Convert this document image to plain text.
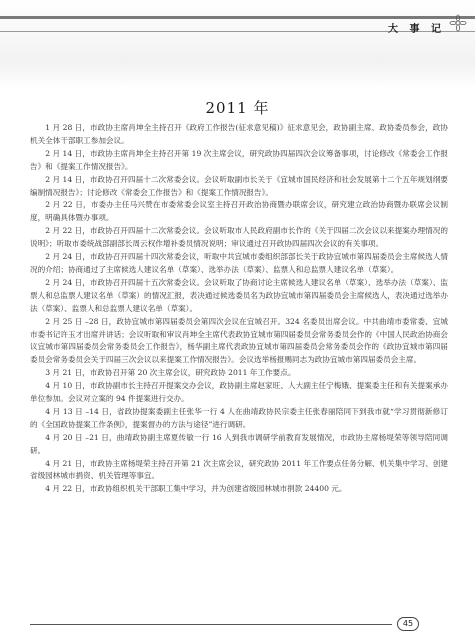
大 事 记
2011 年

1 月 28 日，市政协主席肖坤全主持召开《政府工作报告(征求意见稿)》征求意见会，政协副主席、政协委员参会，政协机关全体干部职工参加会议。

2 月 14 日，市政协主席肖坤全主持召开第 19 次主席会议，研究政协四届四次会议筹备事项，讨论修改《常委会工作报告》和《提案工作情况报告》。

2 月 14 日，市政协召开四届十二次常委会议。会议听取副市长关于《宜城市国民经济和社会发展第十二个五年规划纲要编制情况报告》；讨论修改《常委会工作报告》和《提案工作情况报告》。

2 月 22 日，市委办主任马兴赞在市委常委会议室主持召开政治协商暨办联席会议，研究建立政治协商暨办联席会议制度，明确具体暨办事项。

2 月 22 日，市政协召开四届十二次常委会议。会议听取市人民政府副市长作的《关于四届二次会议以来提案办理情况的说明》；听取市委统战部副部长周云权作增补委员情况说明；审议通过召开政协四届四次会议的有关事项。

2 月 24 日，市政协召开四届十四次常委会议，听取中共宜城市委组织部部长关于政协宜城市第四届委员会主席候选人情况的介绍；协商通过了主席候选人建议名单（草案）、选举办法（草案）、监票人和总监票人建议名单（草案）。

2 月 24 日，市政协召开四届十五次常委会议。会议听取了协商讨论主席候选人建议名单（草案）、选举办法（草案）、监票人和总监票人建议名单（草案）的情况汇报，表决通过候选委员名为政协宜城市第四届委员会主席候选人，表决通过选举办法（草案）、监票人和总监票人建议名单（草案）。

2 月 25 日 –28 日，政协宜城市第四届委员会第四次会议在宜城召开。324 名委员出席会议。中共曲靖市委常委、宜城市委书记许玉才出席并讲话；会议听取和审议肖坤全主席代表政协宜城市第四届委员会常务委员会作的《中国人民政治协商会议宜城市第四届委员会常务委员会工作报告》，杨华副主席代表政协宜城市第四届委员会常务委员会作的《政协宜城市第四届委员会常务委员会关于四届三次会议以来提案工作情况报告》。会议选举杨报赐同志为政协宜城市第四届委员会主席。

3 月 21 日，市政协召开第 20 次主席会议，研究政协 2011 年工作要点。

4 月 10 日，市政协副市长主持召开提案交办会议，政协副主席赵家旺、人大副主任宁梅娥、提案委主任和有关提案承办单位参加。会议对立案的 94 件提案进行交办。

4 月 13 日 –14 日，省政协提案委副主任张华一行 4 人在曲靖政协民宗委主任张春丽陪同下到我市就“学习贯彻新修订的《全国政协提案工作条例》，提案督办的方法与途径”进行调研。

4 月 20 日 –21 日，曲靖政协副主席夏传敏一行 16 人到我市调研学前教育发展情况，市政协主席杨堤荣等领导陪同调研。

4 月 21 日，市政协主席杨堤荣主持召开第 21 次主席会议，研究政协 2011 年工作要点任务分解、机关集中学习、创建省级园林城市捐资、机关管理等事宜。

4 月 22 日，市政协组织机关干部职工集中学习，并为创建省级园林城市捐款 24400 元。

45
